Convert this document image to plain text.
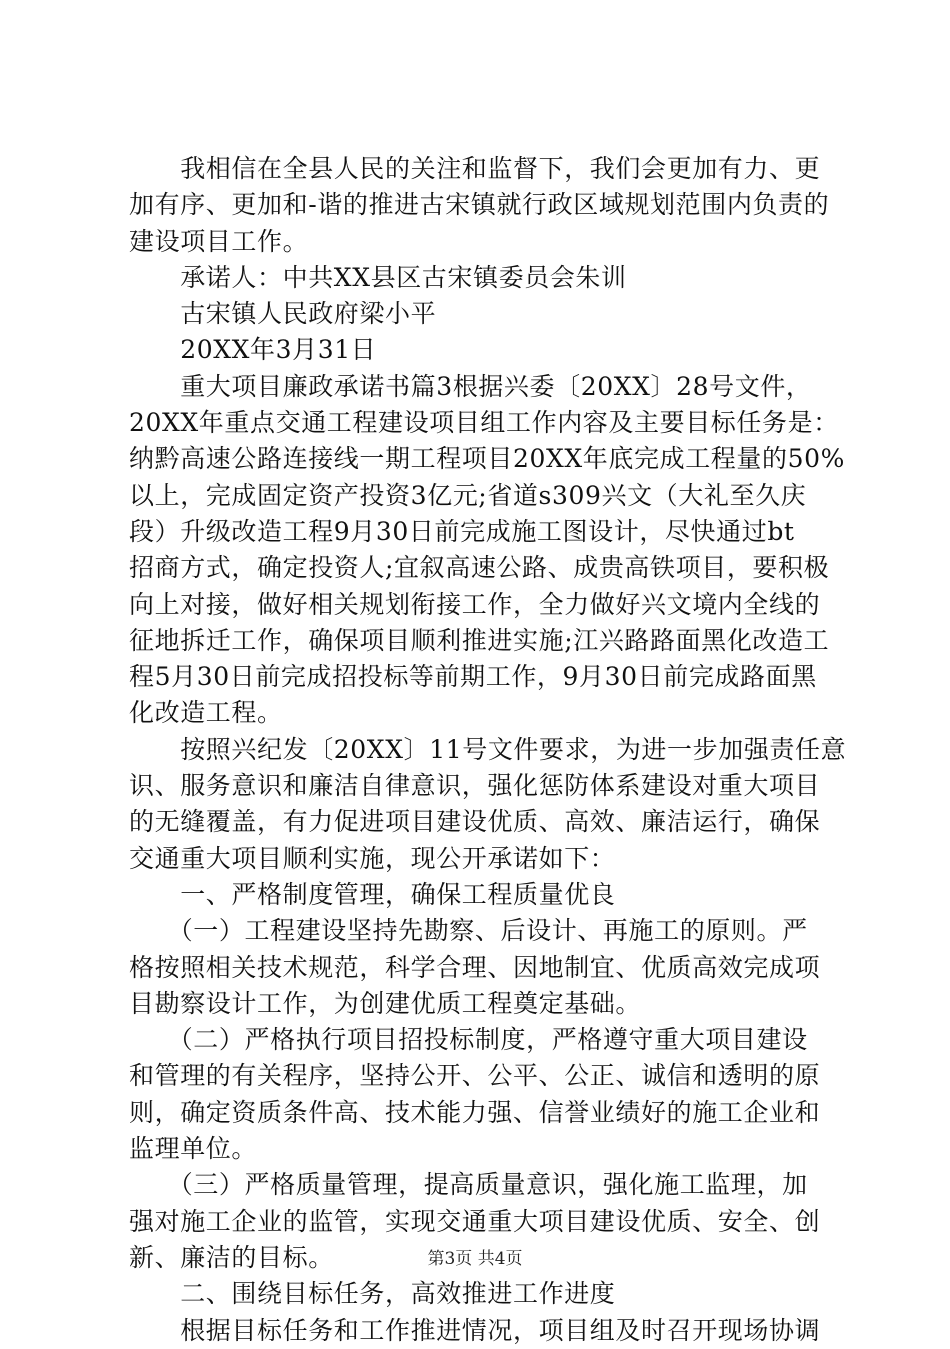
　　我相信在全县人民的关注和监督下，我们会更加有力、更
加有序、更加和-谐的推进古宋镇就行政区域规划范围内负责的
建设项目工作。
　　承诺人：中共XX县区古宋镇委员会朱训
　　古宋镇人民政府梁小平
　　20XX年3月31日
　　重大项目廉政承诺书篇3根据兴委〔20XX〕28号文件，
20XX年重点交通工程建设项目组工作内容及主要目标任务是：
纳黔高速公路连接线一期工程项目20XX年底完成工程量的50%
以上，完成固定资产投资3亿元;省道s309兴文（大礼至久庆
段）升级改造工程9月30日前完成施工图设计，尽快通过bt
招商方式，确定投资人;宜叙高速公路、成贵高铁项目，要积极
向上对接，做好相关规划衔接工作，全力做好兴文境内全线的
征地拆迁工作，确保项目顺利推进实施;江兴路路面黑化改造工
程5月30日前完成招投标等前期工作，9月30日前完成路面黑
化改造工程。
　　按照兴纪发〔20XX〕11号文件要求，为进一步加强责任意
识、服务意识和廉洁自律意识，强化惩防体系建设对重大项目
的无缝覆盖，有力促进项目建设优质、高效、廉洁运行，确保
交通重大项目顺利实施，现公开承诺如下：
　　一、严格制度管理，确保工程质量优良
　　（一）工程建设坚持先勘察、后设计、再施工的原则。严
格按照相关技术规范，科学合理、因地制宜、优质高效完成项
目勘察设计工作，为创建优质工程奠定基础。
　　（二）严格执行项目招投标制度，严格遵守重大项目建设
和管理的有关程序，坚持公开、公平、公正、诚信和透明的原
则，确定资质条件高、技术能力强、信誉业绩好的施工企业和
监理单位。
　　（三）严格质量管理，提高质量意识，强化施工监理，加
强对施工企业的监管，实现交通重大项目建设优质、安全、创
新、廉洁的目标。
　　二、围绕目标任务，高效推进工作进度
　　根据目标任务和工作推进情况，项目组及时召开现场协调
第3页 共4页
